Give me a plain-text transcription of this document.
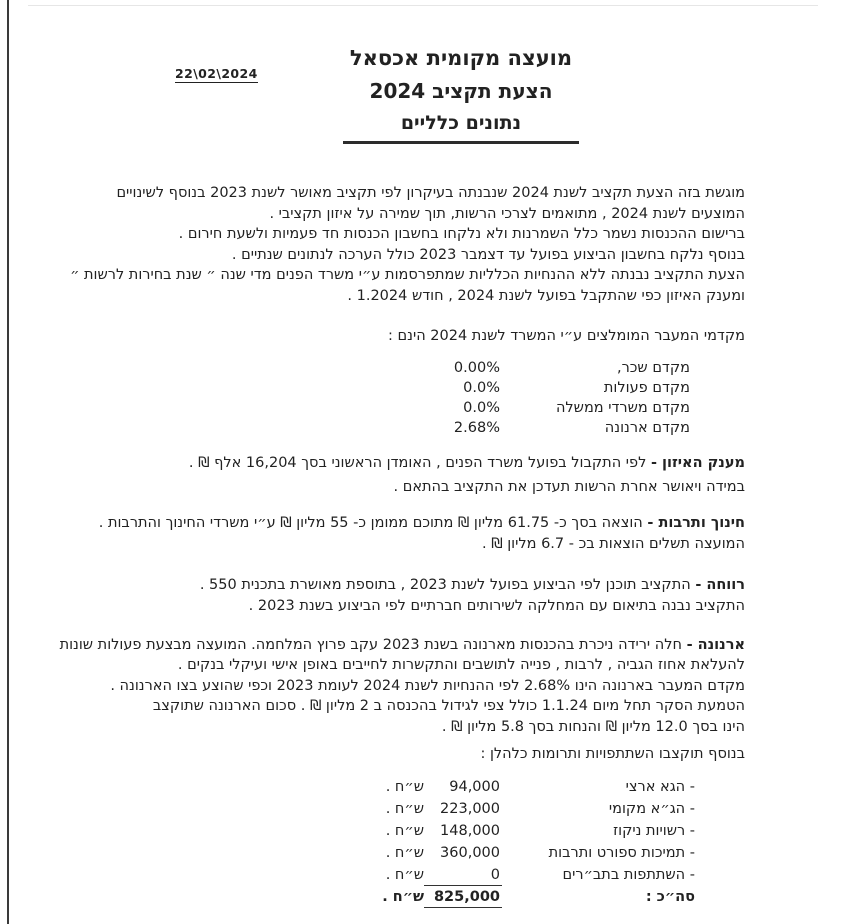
22\02\2024
מועצה מקומית אכסאל
הצעת תקציב 2024
נתונים כלליים
מוגשת בזה הצעת תקציב לשנת 2024 שנבנתה בעיקרון לפי תקציב מאושר לשנת 2023 בנוסף לשינויים
המוצעים לשנת 2024 , מתואמים לצרכי הרשות, תוך שמירה על איזון תקציבי .
ברישום ההכנסות נשמר כלל השמרנות ולא נלקחו בחשבון הכנסות חד פעמיות ולשעת חירום .
בנוסף נלקח בחשבון הביצוע בפועל עד דצמבר 2023 כולל הערכה לנתונים שנתיים .
הצעת התקציב נבנתה ללא ההנחיות הכלליות שמתפרסמות ע״י משרד הפנים מדי שנה ״ שנת בחירות לרשות ״
ומענק האיזון כפי שהתקבל בפועל לשנת 2024 , חודש 1.2024 .
מקדמי המעבר המומלצים ע״י המשרד לשנת 2024 הינם :
0.00%	מקדם שכר,
0.0%	מקדם פעולות
0.0%	מקדם משרדי ממשלה
2.68%	מקדם ארנונה
מענק האיזון - לפי התקבול בפועל משרד הפנים , האומדן הראשוני בסך 16,204 אלף ₪ .
במידה ויאושר אחרת הרשות תעדכן את התקציב בהתאם .
חינוך ותרבות - הוצאה בסך כ- 61.75 מליון ₪ מתוכם ממומן כ- 55 מליון ₪ ע״י משרדי החינוך והתרבות .
המועצה תשלים הוצאות בכ - 6.7 מליון ₪ .
רווחה - התקציב תוכנן לפי הביצוע בפועל לשנת 2023 , בתוספת מאושרת בתכנית 550 .
התקציב נבנה בתיאום עם המחלקה לשירותים חברתיים לפי הביצוע בשנת 2023 .
ארנונה - חלה ירידה ניכרת בהכנסות מארנונה בשנת 2023 עקב פרוץ המלחמה. המועצה מבצעת פעולות שונות
להעלאת אחוז הגביה , לרבות , פנייה לתושבים והתקשרות לחייבים באופן אישי ועיקלי בנקים .
מקדם המעבר בארנונה הינו 2.68% לפי ההנחיות לשנת 2024 לעומת 2023 וכפי שהוצע בצו הארנונה .
הטמעת הסקר תחל מיום 1.1.24 כולל צפי לגידול בהכנסה ב 2 מליון ₪ . סכום הארנונה שתוקצב
הינו בסך 12.0 מליון ₪ והנחות בסך 5.8 מליון ₪ .
בנוסף תוקצבו השתתפויות ותרומות כלהלן :
ש״ח .	94,000	- הגא ארצי
ש״ח .	223,000	- הג״א מקומי
ש״ח .	148,000	- רשויות ניקוז
ש״ח .	360,000	- תמיכות ספורט ותרבות
ש״ח .	0	- השתתפות בתב״רים
ש״ח . 825,000	סה״כ :
